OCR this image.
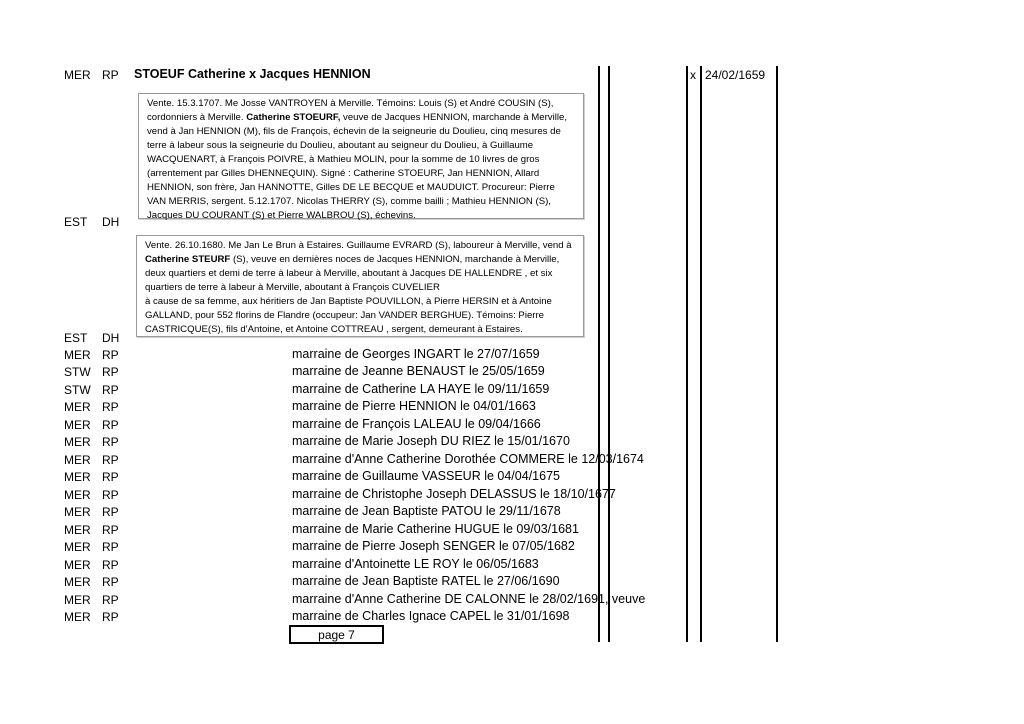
MER RP STOEUF Catherine x Jacques HENNION	x 24/02/1659
Vente. 15.3.1707. Me Josse VANTROYEN à Merville. Témoins: Louis (S) et André COUSIN (S), cordonniers à Merville. Catherine STOEURF, veuve de Jacques HENNION, marchande à Merville, vend à Jan HENNION (M), fils de François, échevin de la seigneurie du Doulieu, cinq mesures de terre à labeur sous la seigneurie du Doulieu, aboutant au seigneur du Doulieu, à Guillaume WACQUENART, à François POIVRE, à Mathieu MOLIN, pour la somme de 10 livres de gros (arrentement par Gilles DHENNEQUIN). Signé : Catherine STOEURF, Jan HENNION, Allard HENNION, son frère, Jan HANNOTTE, Gilles DE LE BECQUE et MAUDUICT. Procureur: Pierre VAN MERRIS, sergent. 5.12.1707. Nicolas THERRY (S), comme bailli ; Mathieu HENNION (S), Jacques DU COURANT (S) et Pierre WALBROU (S), échevins.
EST DH
Vente. 26.10.1680. Me Jan Le Brun à Estaires. Guillaume EVRARD (S), laboureur à Merville, vend à Catherine STEURF (S), veuve en dernières noces de Jacques HENNION, marchande à Merville, deux quartiers et demi de terre à labeur à Merville, aboutant à Jacques DE HALLENDRE , et six quartiers de terre à labeur à Merville, aboutant à François CUVELIER
à cause de sa femme, aux héritiers de Jan Baptiste POUVILLON, à Pierre HERSIN et à Antoine GALLAND, pour 552 florins de Flandre (occupeur: Jan VANDER BERGHUE). Témoins: Pierre CASTRICQUE(S), fils d'Antoine, et Antoine COTTREAU , sergent, demeurant à Estaires.
EST DH
MER RP	marraine de Georges INGART le 27/07/1659
STW RP	marraine de Jeanne BENAUST le 25/05/1659
STW RP	marraine de Catherine LA HAYE le 09/11/1659
MER RP	marraine de Pierre HENNION le 04/01/1663
MER RP	marraine de François LALEAU le 09/04/1666
MER RP	marraine de Marie Joseph DU RIEZ le 15/01/1670
MER RP	marraine d'Anne Catherine Dorothée COMMERE le 12/03/1674
MER RP	marraine de Guillaume VASSEUR le 04/04/1675
MER RP	marraine de Christophe Joseph DELASSUS le 18/10/1677
MER RP	marraine de Jean Baptiste PATOU le 29/11/1678
MER RP	marraine de Marie Catherine HUGUE le 09/03/1681
MER RP	marraine de Pierre Joseph SENGER le 07/05/1682
MER RP	marraine d'Antoinette LE ROY le 06/05/1683
MER RP	marraine de Jean Baptiste RATEL le 27/06/1690
MER RP	marraine d'Anne Catherine DE CALONNE le 28/02/1691, veuve
MER RP	marraine de Charles Ignace CAPEL le 31/01/1698
page 7
